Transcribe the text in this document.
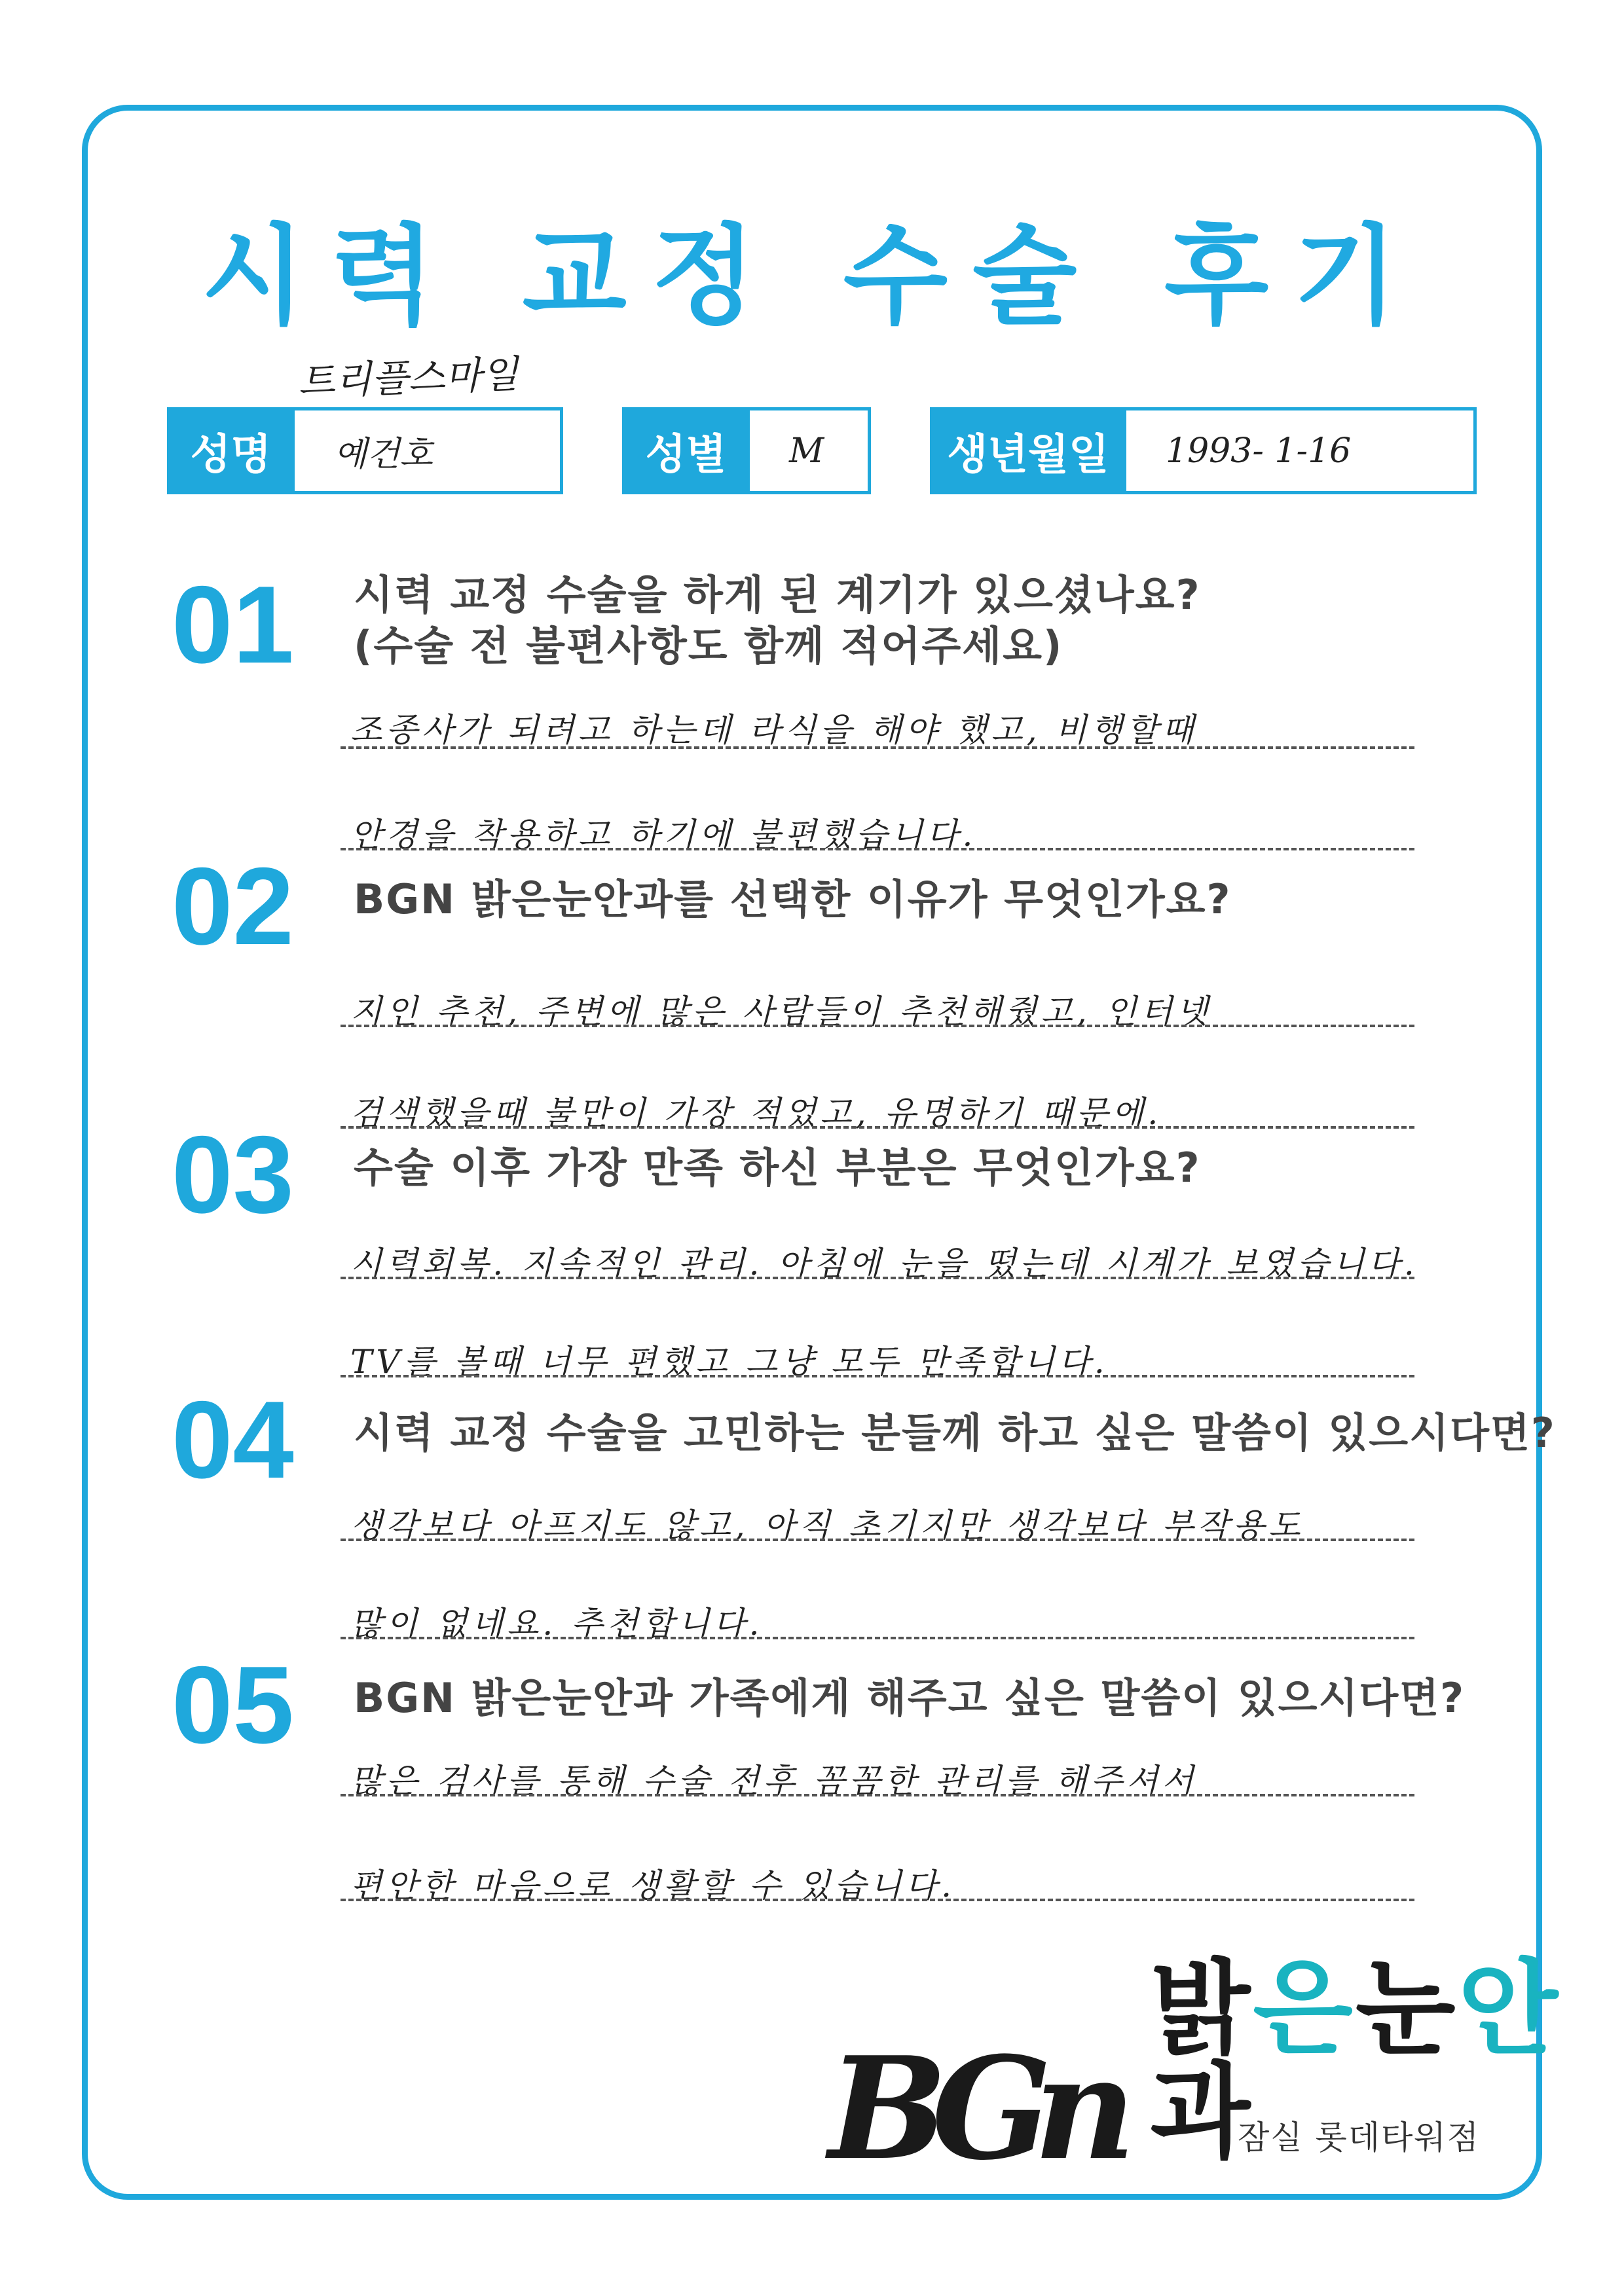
시력 교정 수술 후기
트리플스마일
성명	예건호	성별	M	생년월일	1993- 1-16
01 시력 교정 수술을 하게 된 계기가 있으셨나요?
(수술 전 불편사항도 함께 적어주세요)
조종사가 되려고 하는데 라식을 해야 했고, 비행할때
안경을 착용하고 하기에 불편했습니다.
02 BGN 밝은눈안과를 선택한 이유가 무엇인가요?
지인 추천, 주변에 많은 사람들이 추천해줬고, 인터넷
검색했을때 불만이 가장 적었고, 유명하기 때문에.
03 수술 이후 가장 만족 하신 부분은 무엇인가요?
시력회복. 지속적인 관리. 아침에 눈을 떴는데 시계가 보였습니다.
TV를 볼때 너무 편했고 그냥 모두 만족합니다.
04 시력 교정 수술을 고민하는 분들께 하고 싶은 말씀이 있으시다면?
생각보다 아프지도 않고, 아직 초기지만 생각보다 부작용도
많이 없네요. 추천합니다.
05 BGN 밝은눈안과 가족에게 해주고 싶은 말씀이 있으시다면?
많은 검사를 통해 수술 전후 꼼꼼한 관리를 해주셔서
편안한 마음으로 생활할 수 있습니다.
BGn
밝은눈안과
잠실 롯데타워점
